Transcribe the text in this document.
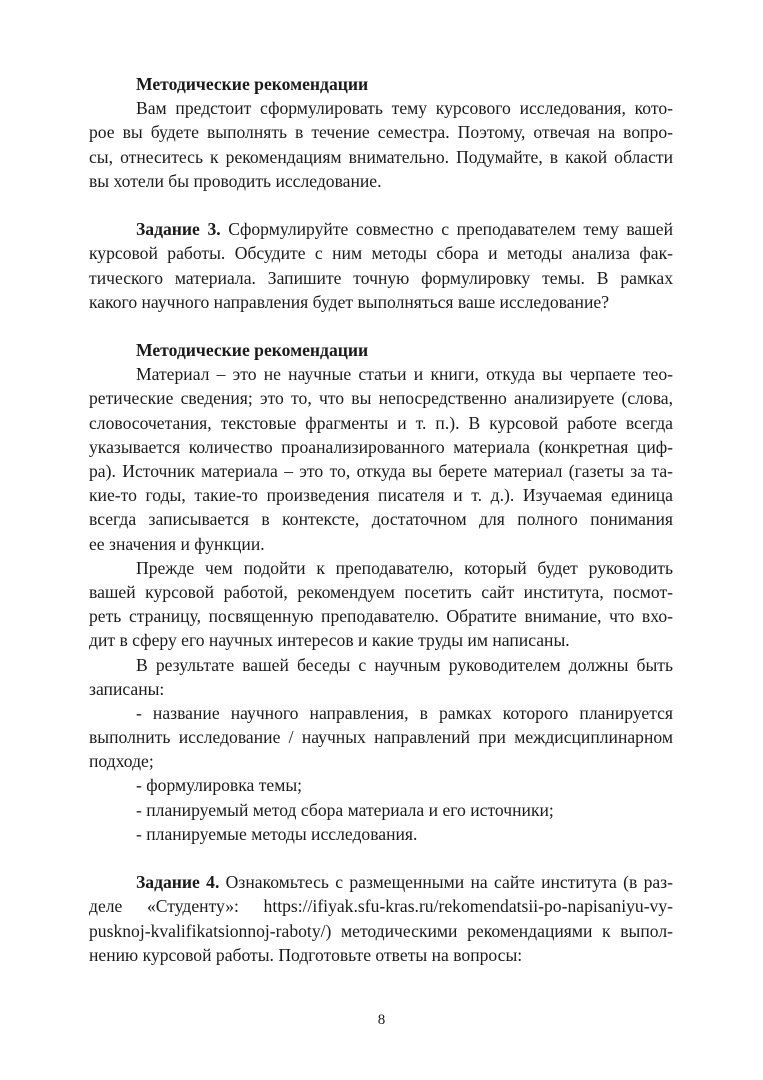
Методические рекомендации
Вам предстоит сформулировать тему курсового исследования, кото-
рое вы будете выполнять в течение семестра. Поэтому, отвечая на вопро-
сы, отнеситесь к рекомендациям внимательно. Подумайте, в какой области
вы хотели бы проводить исследование.
Задание 3. Сформулируйте совместно с преподавателем тему вашей
курсовой работы. Обсудите с ним методы сбора и методы анализа фак-
тического материала. Запишите точную формулировку темы. В рамках
какого научного направления будет выполняться ваше исследование?
Методические рекомендации
Материал – это не научные статьи и книги, откуда вы черпаете тео-
ретические сведения; это то, что вы непосредственно анализируете (слова,
словосочетания, текстовые фрагменты и т. п.). В курсовой работе всегда
указывается количество проанализированного материала (конкретная циф-
ра). Источник материала – это то, откуда вы берете материал (газеты за та-
кие-то годы, такие-то произведения писателя и т. д.). Изучаемая единица
всегда записывается в контексте, достаточном для полного понимания
ее значения и функции.
Прежде чем подойти к преподавателю, который будет руководить
вашей курсовой работой, рекомендуем посетить сайт института, посмот-
реть страницу, посвященную преподавателю. Обратите внимание, что вхо-
дит в сферу его научных интересов и какие труды им написаны.
В результате вашей беседы с научным руководителем должны быть
записаны:
- название научного направления, в рамках которого планируется
выполнить исследование / научных направлений при междисциплинарном
подходе;
- формулировка темы;
- планируемый метод сбора материала и его источники;
- планируемые методы исследования.
Задание 4. Ознакомьтесь с размещенными на сайте института (в раз-
деле «Студенту»: https://ifiyak.sfu-kras.ru/rekomendatsii-po-napisaniyu-vy-
pusknoj-kvalifikatsionnoj-raboty/) методическими рекомендациями к выпол-
нению курсовой работы. Подготовьте ответы на вопросы:
8
